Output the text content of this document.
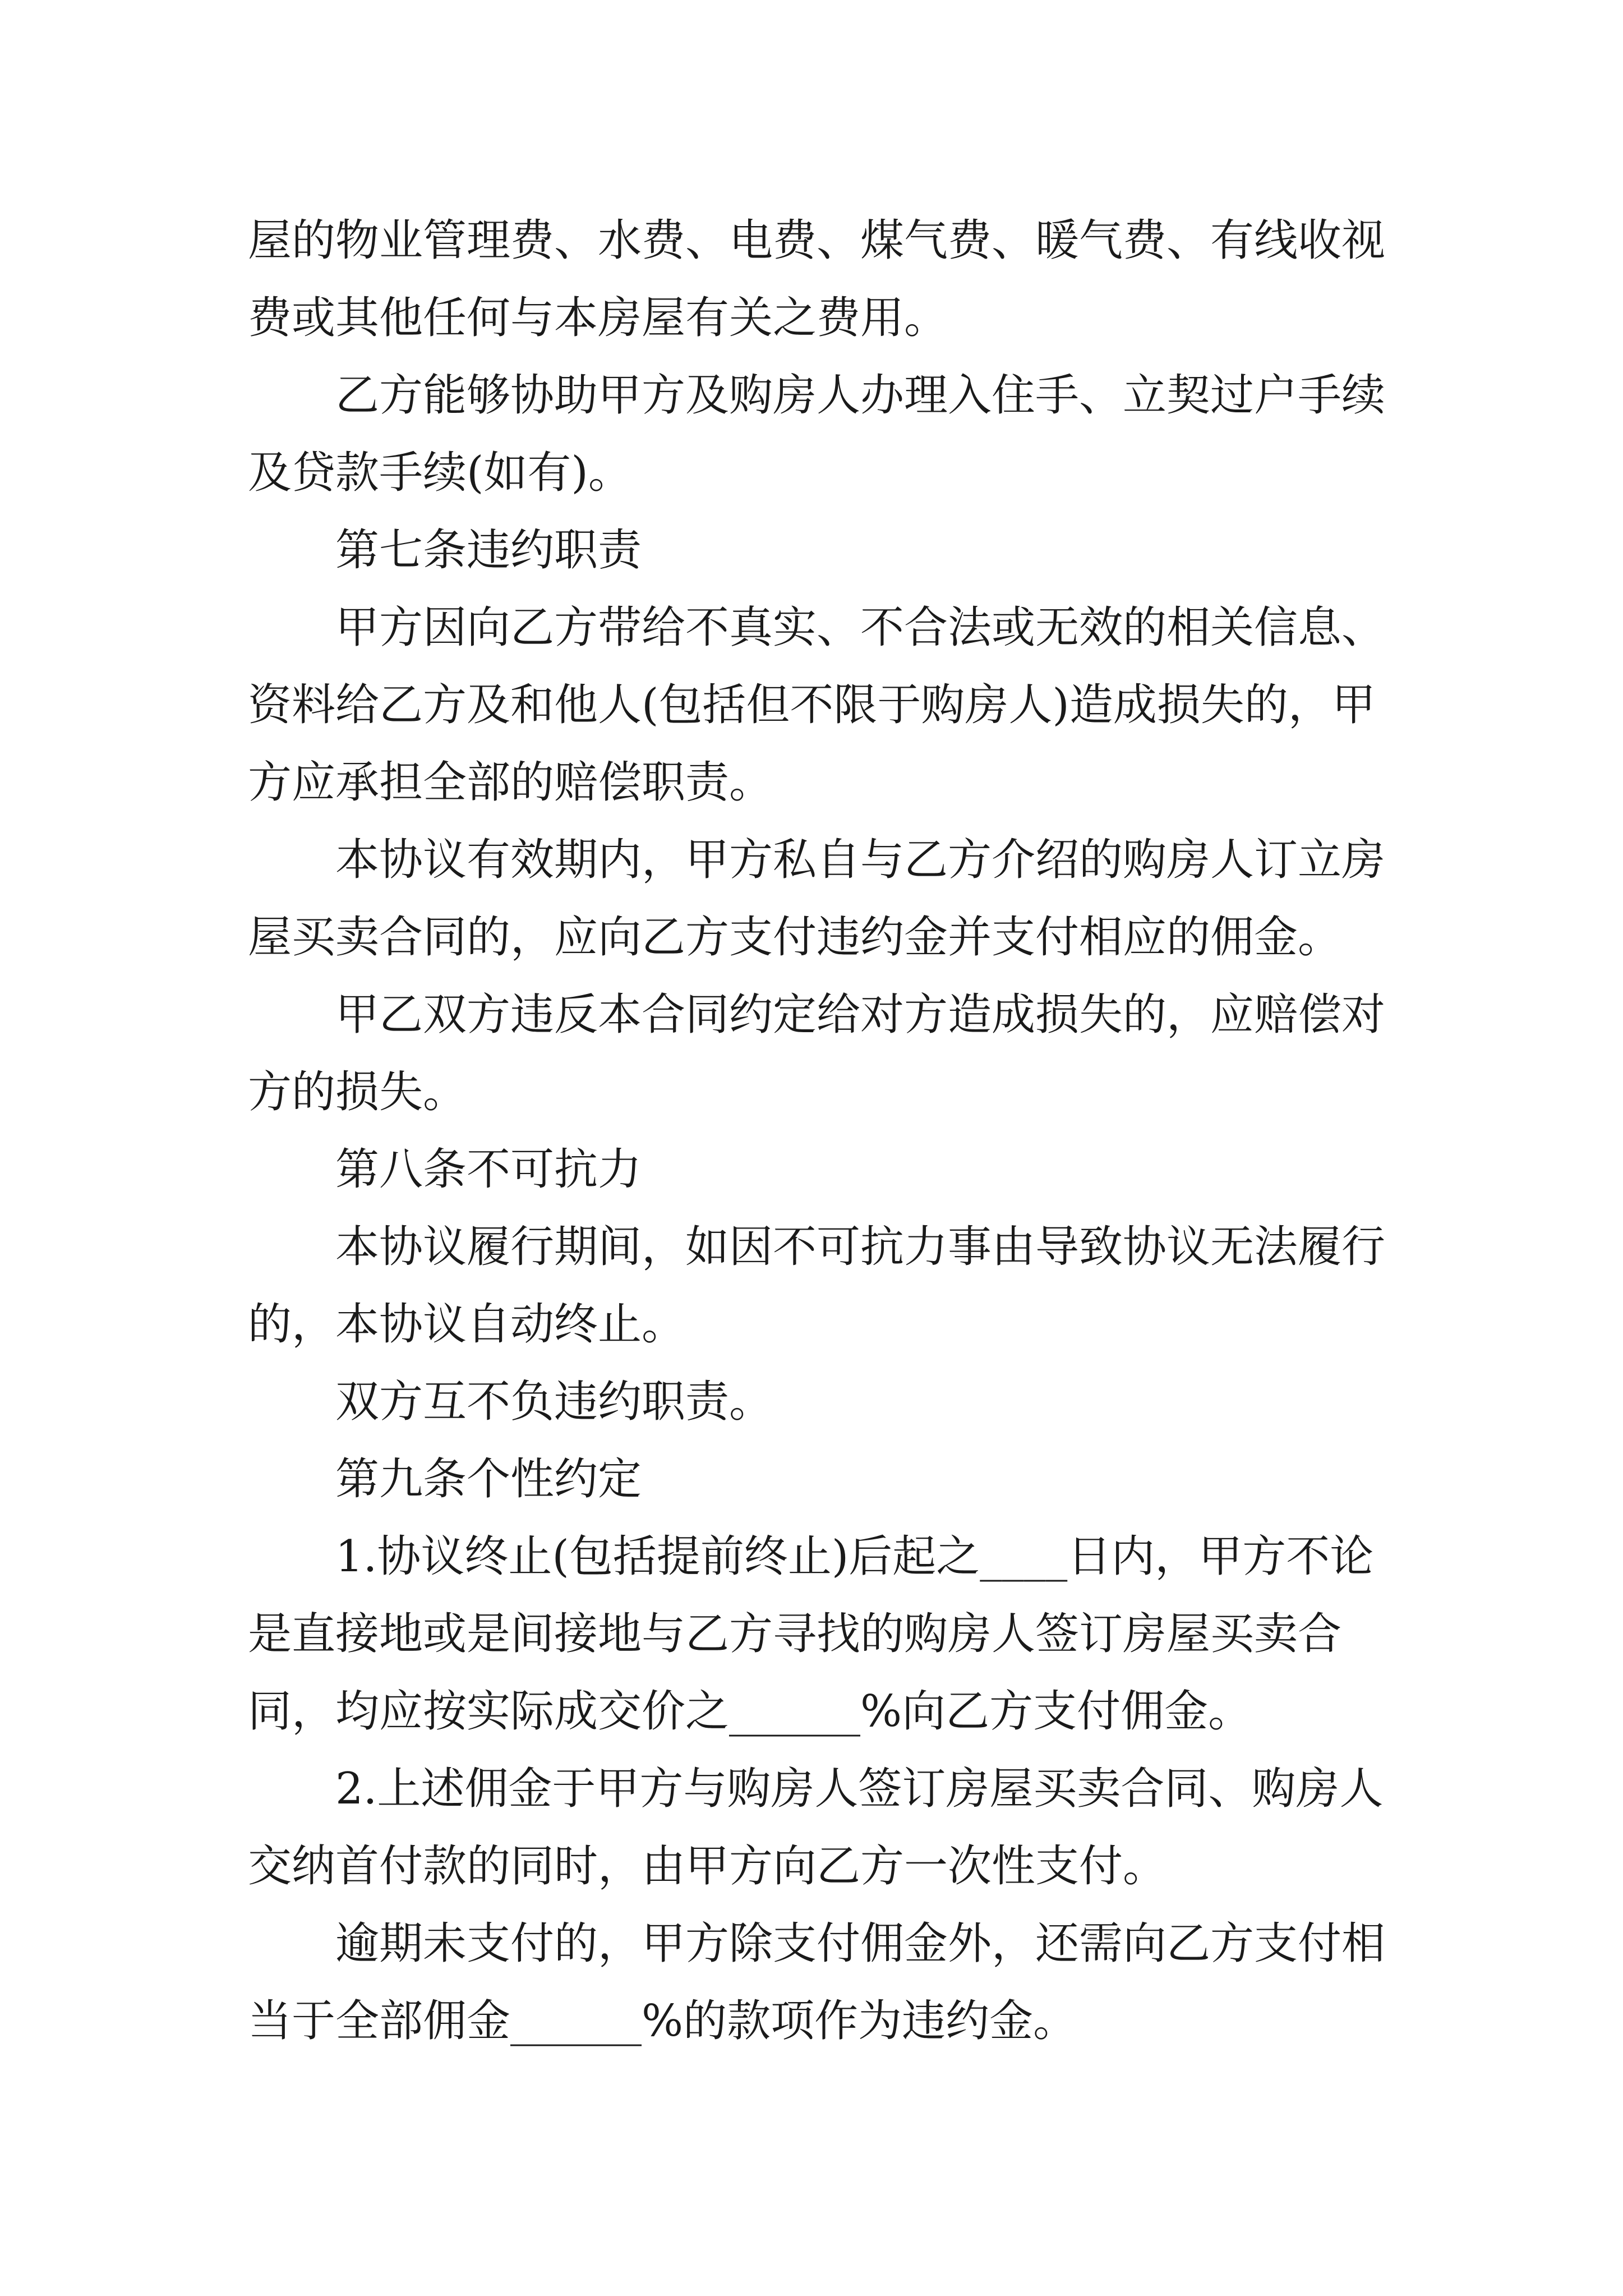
屋的物业管理费、水费、电费、煤气费、暖气费、有线收视费或其他任何与本房屋有关之费用。

乙方能够协助甲方及购房人办理入住手、立契过户手续及贷款手续(如有)。

第七条违约职责

甲方因向乙方带给不真实、不合法或无效的相关信息、资料给乙方及和他人(包括但不限于购房人)造成损失的，甲方应承担全部的赔偿职责。

本协议有效期内，甲方私自与乙方介绍的购房人订立房屋买卖合同的，应向乙方支付违约金并支付相应的佣金。

甲乙双方违反本合同约定给对方造成损失的，应赔偿对方的损失。

第八条不可抗力

本协议履行期间，如因不可抗力事由导致协议无法履行的，本协议自动终止。

双方互不负违约职责。

第九条个性约定

1.协议终止(包括提前终止)后起之____日内，甲方不论是直接地或是间接地与乙方寻找的购房人签订房屋买卖合同，均应按实际成交价之______%向乙方支付佣金。

2.上述佣金于甲方与购房人签订房屋买卖合同、购房人交纳首付款的同时，由甲方向乙方一次性支付。

逾期未支付的，甲方除支付佣金外，还需向乙方支付相当于全部佣金______%的款项作为违约金。
